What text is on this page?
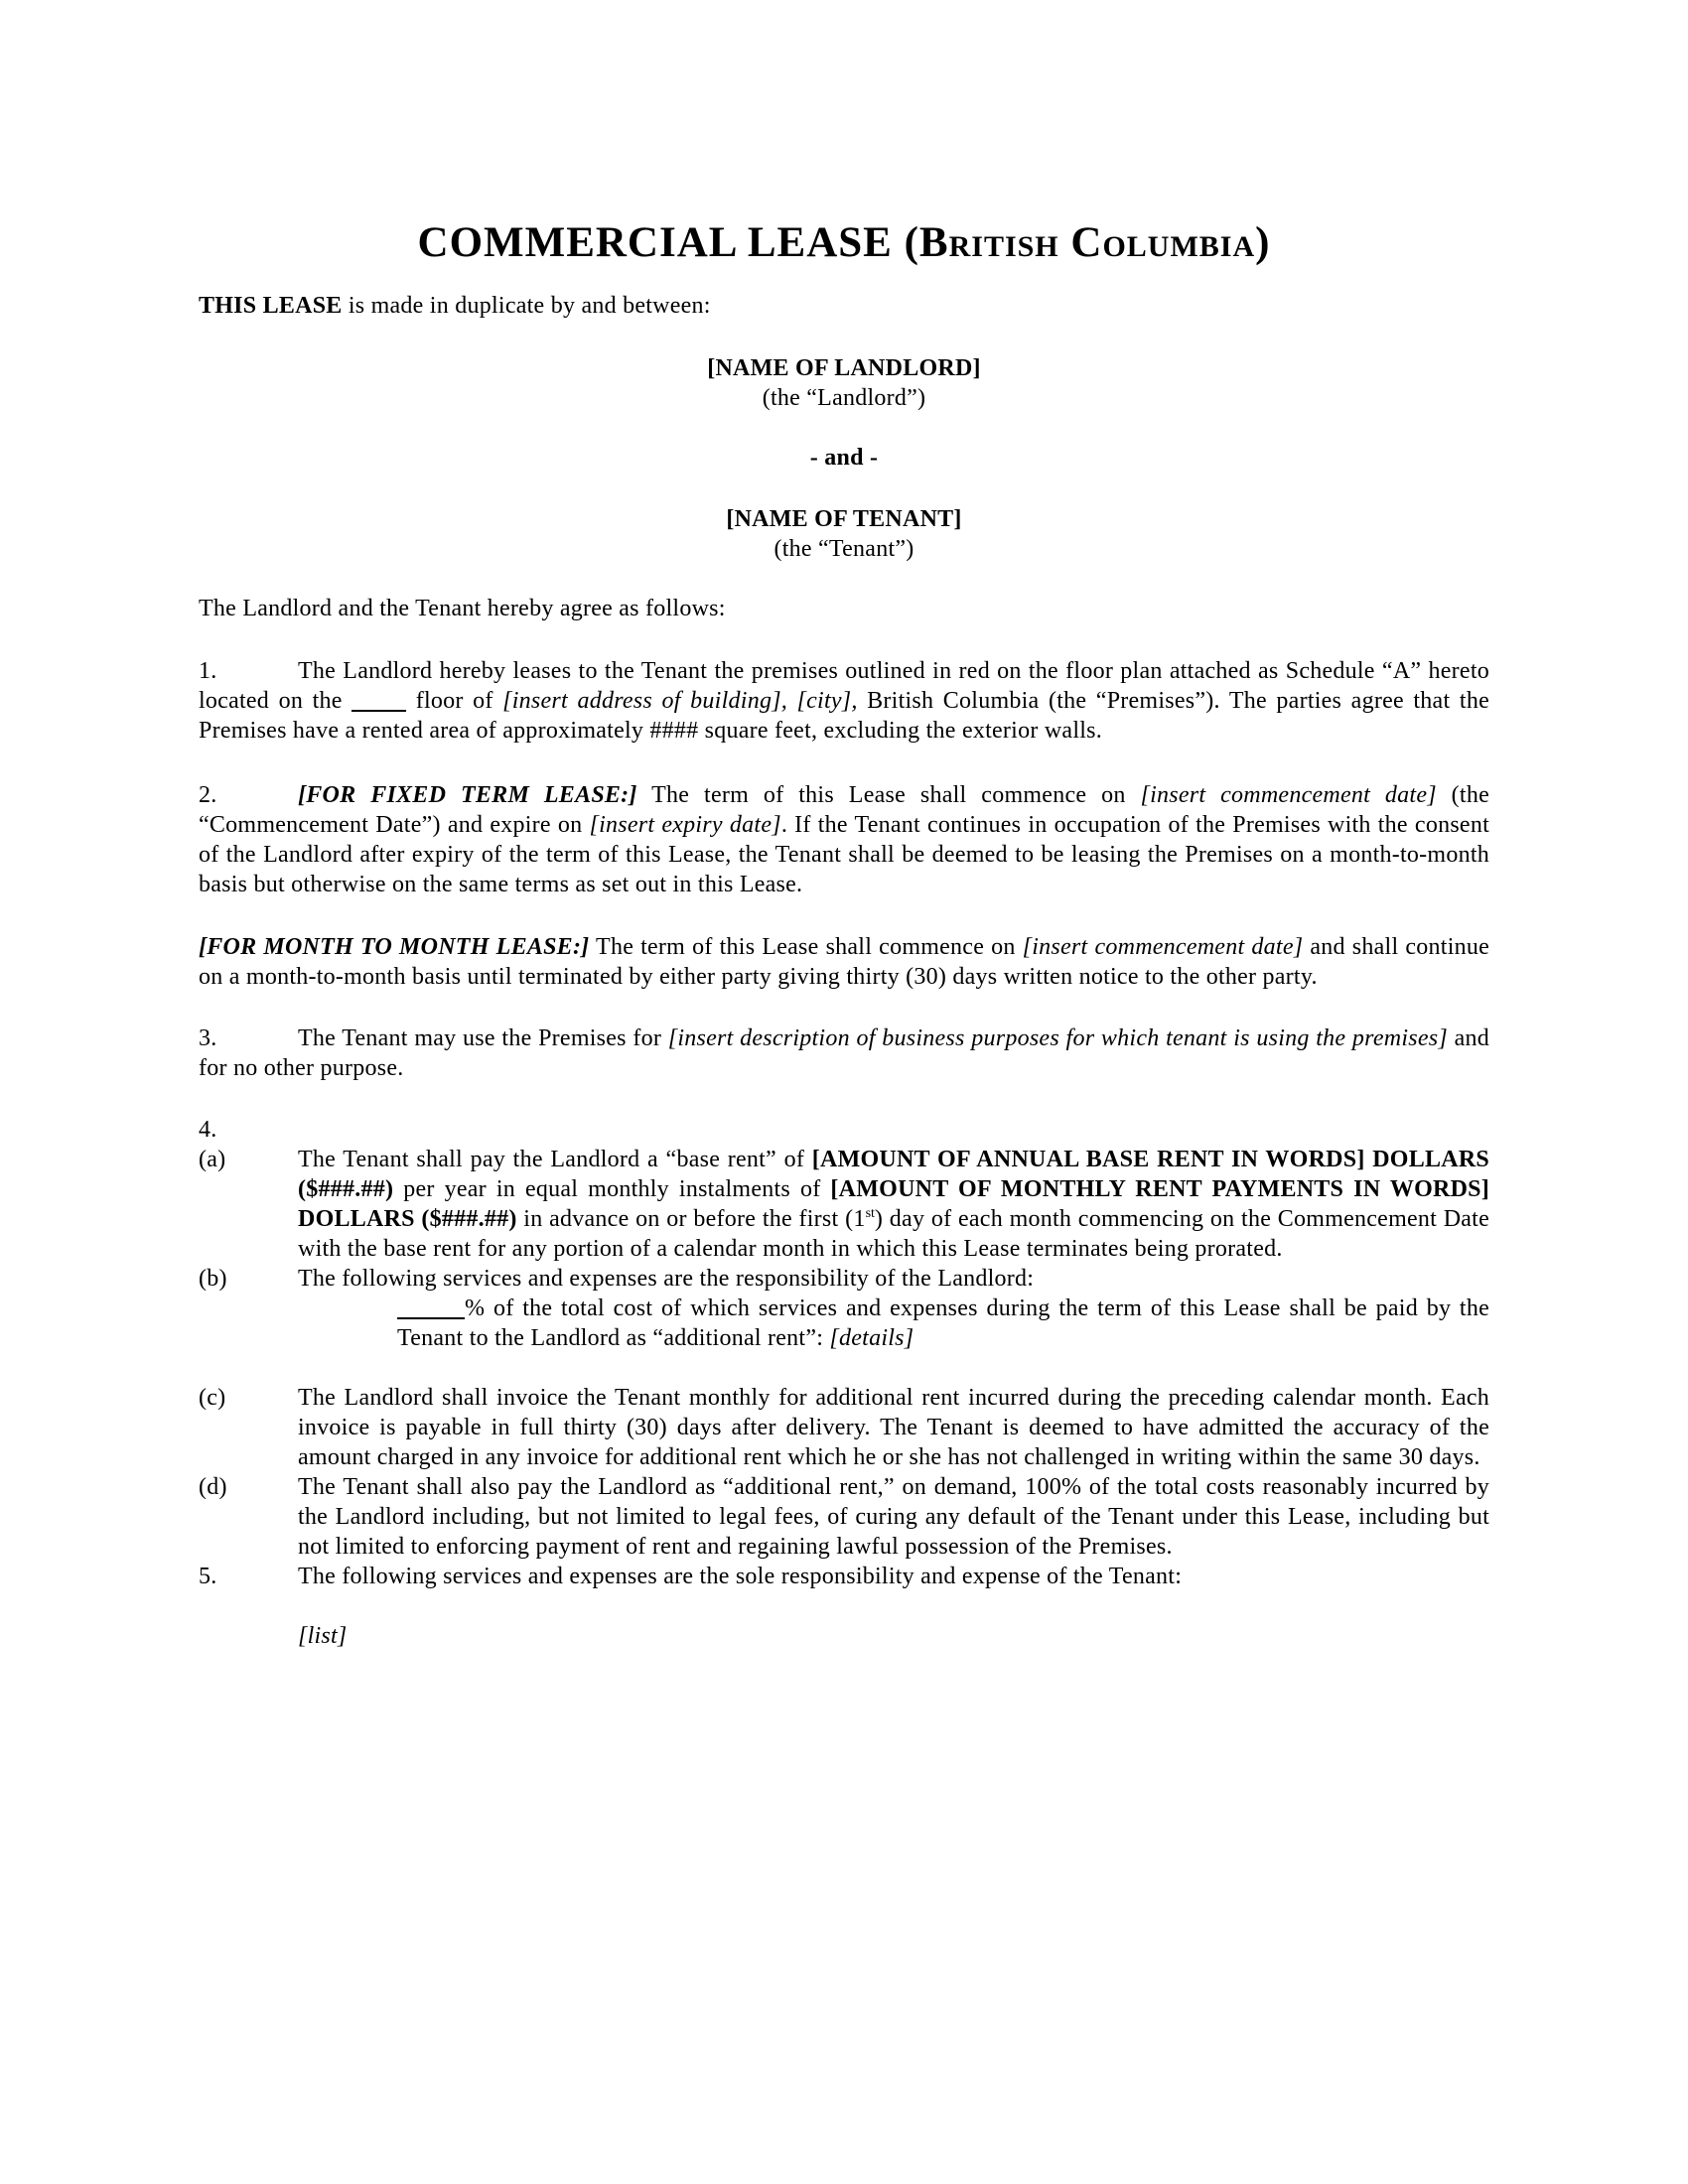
COMMERCIAL LEASE (British Columbia)

THIS LEASE is made in duplicate by and between:

[NAME OF LANDLORD]
(the “Landlord”)
- and -
[NAME OF TENANT]
(the “Tenant”)

The Landlord and the Tenant hereby agree as follows:

1.	The Landlord hereby leases to the Tenant the premises outlined in red on the floor plan attached as Schedule “A” hereto located on the  floor of [insert address of building], [city], British Columbia (the “Premises”). The parties agree that the Premises have a rented area of approximately #### square feet, excluding the exterior walls.

2.	[FOR FIXED TERM LEASE:] The term of this Lease shall commence on [insert commencement date] (the “Commencement Date”) and expire on [insert expiry date]. If the Tenant continues in occupation of the Premises with the consent of the Landlord after expiry of the term of this Lease, the Tenant shall be deemed to be leasing the Premises on a month-to-month basis but otherwise on the same terms as set out in this Lease.

[FOR MONTH TO MONTH LEASE:] The term of this Lease shall commence on [insert commencement date] and shall continue on a month-to-month basis until terminated by either party giving thirty (30) days written notice to the other party.

3.	The Tenant may use the Premises for [insert description of business purposes for which tenant is using the premises] and for no other purpose.

4.

(a)	The Tenant shall pay the Landlord a “base rent” of [AMOUNT OF ANNUAL BASE RENT IN WORDS] DOLLARS ($###.##) per year in equal monthly instalments of [AMOUNT OF MONTHLY RENT PAYMENTS IN WORDS] DOLLARS ($###.##) in advance on or before the first (1st) day of each month commencing on the Commencement Date with the base rent for any portion of a calendar month in which this Lease terminates being prorated.
(b)	The following services and expenses are the responsibility of the Landlord:

% of the total cost of which services and expenses during the term of this Lease shall be paid by the Tenant to the Landlord as “additional rent”: [details]

(c)	The Landlord shall invoice the Tenant monthly for additional rent incurred during the preceding calendar month. Each invoice is payable in full thirty (30) days after delivery. The Tenant is deemed to have admitted the accuracy of the amount charged in any invoice for additional rent which he or she has not challenged in writing within the same 30 days.
(d)	The Tenant shall also pay the Landlord as “additional rent,” on demand, 100% of the total costs reasonably incurred by the Landlord including, but not limited to legal fees, of curing any default of the Tenant under this Lease, including but not limited to enforcing payment of rent and regaining lawful possession of the Premises.

5.	The following services and expenses are the sole responsibility and expense of the Tenant:

[list]
